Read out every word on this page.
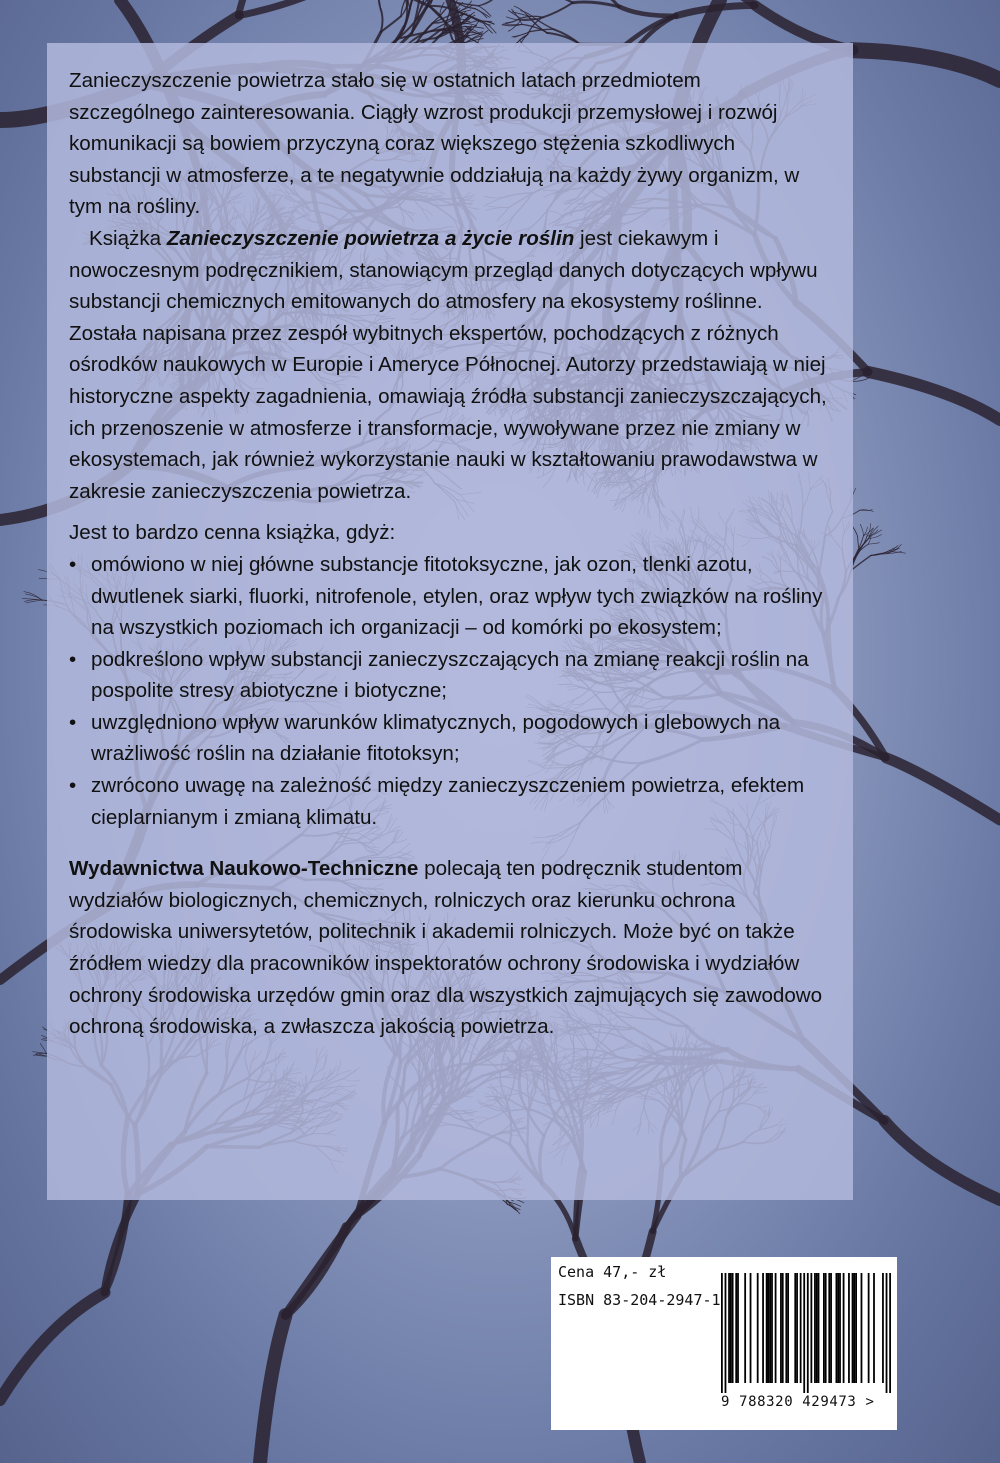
Zanieczyszczenie powietrza stało się w ostatnich latach przedmiotem szczególnego zainteresowania. Ciągły wzrost produkcji przemysłowej i rozwój komunikacji są bowiem przyczyną coraz większego stężenia szkodliwych substancji w atmosferze, a te negatywnie oddziałują na każdy żywy organizm, w tym na rośliny.

Książka Zanieczyszczenie powietrza a życie roślin jest ciekawym i nowoczesnym podręcznikiem, stanowiącym przegląd danych dotyczących wpływu substancji chemicznych emitowanych do atmosfery na ekosystemy roślinne. Została napisana przez zespół wybitnych ekspertów, pochodzących z różnych ośrodków naukowych w Europie i Ameryce Północnej. Autorzy przedstawiają w niej historyczne aspekty zagadnienia, omawiają źródła substancji zanieczyszczających, ich przenoszenie w atmosferze i transformacje, wywoływane przez nie zmiany w ekosystemach, jak również wykorzystanie nauki w kształtowaniu prawodawstwa w zakresie zanieczyszczenia powietrza.

Jest to bardzo cenna książka, gdyż:

• omówiono w niej główne substancje fitotoksyczne, jak ozon, tlenki azotu, dwutlenek siarki, fluorki, nitrofenole, etylen, oraz wpływ tych związków na rośliny na wszystkich poziomach ich organizacji – od komórki po ekosystem;
• podkreślono wpływ substancji zanieczyszczających na zmianę reakcji roślin na pospolite stresy abiotyczne i biotyczne;
• uwzględniono wpływ warunków klimatycznych, pogodowych i glebowych na wrażliwość roślin na działanie fitotoksyn;
• zwrócono uwagę na zależność między zanieczyszczeniem powietrza, efektem cieplarnianym i zmianą klimatu.

Wydawnictwa Naukowo-Techniczne polecają ten podręcznik studentom wydziałów biologicznych, chemicznych, rolniczych oraz kierunku ochrona środowiska uniwersytetów, politechnik i akademii rolniczych. Może być on także źródłem wiedzy dla pracowników inspektoratów ochrony środowiska i wydziałów ochrony środowiska urzędów gmin oraz dla wszystkich zajmujących się zawodowo ochroną środowiska, a zwłaszcza jakością powietrza.

Cena 47,- zł
ISBN 83-204-2947-1
9 788320 429473 >
